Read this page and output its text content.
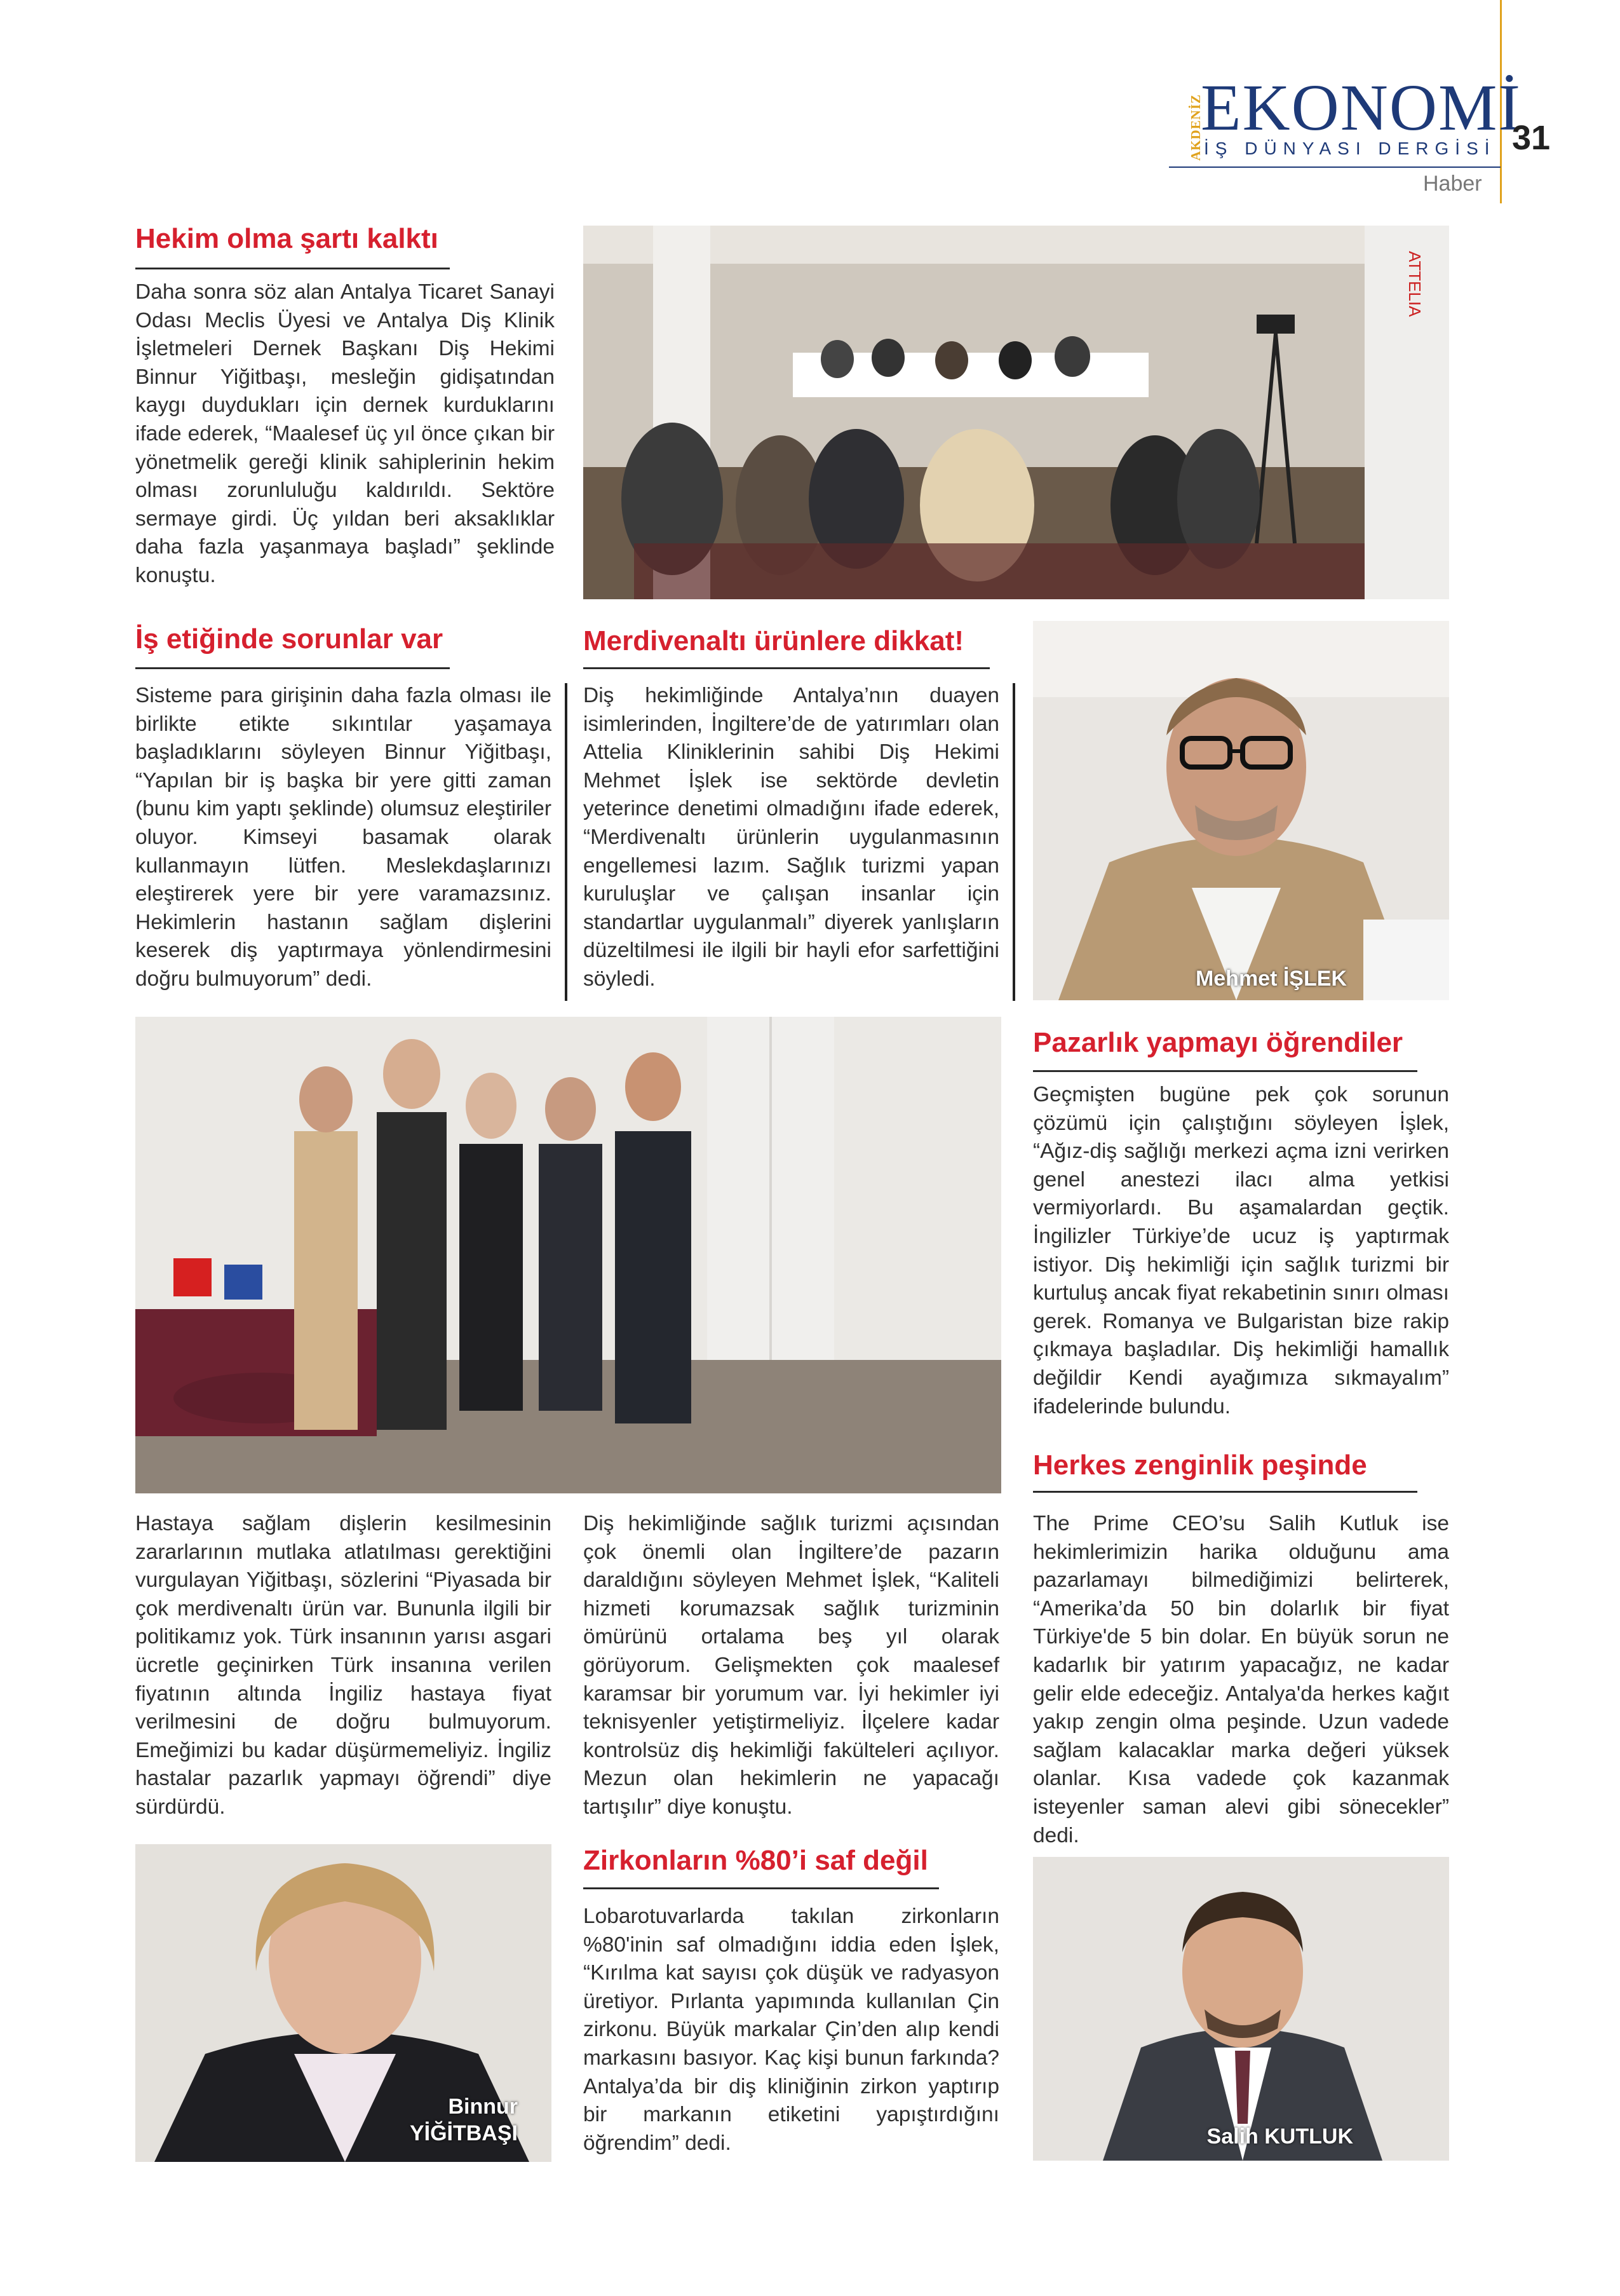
AKDENİZ
EKONOMİ
İŞ DÜNYASI DERGİSİ 31
Haber
Hekim olma şartı kalktı
Daha sonra söz alan Antalya Ticaret Sanayi Odası Meclis Üyesi ve Antalya Diş Klinik İşletmeleri Dernek Başkanı Diş Hekimi Binnur Yiğitbaşı, mesleğin gidişatından kaygı duydukları için dernek kurduklarını ifade ederek, “Maalesef üç yıl önce çıkan bir yönetmelik gereği klinik sahiplerinin hekim olması zorunluluğu kaldırıldı. Sektöre sermaye girdi. Üç yıldan beri aksaklıklar daha fazla yaşanmaya başladı” şeklinde konuştu.
İş etiğinde sorunlar var
Sisteme para girişinin daha fazla olması ile birlikte etikte sıkıntılar yaşamaya başladıklarını söyleyen Binnur Yiğitbaşı, “Yapılan bir iş başka bir yere gitti zaman (bunu kim yaptı şeklinde) olumsuz eleştiriler oluyor. Kimseyi basamak olarak kullanmayın lütfen. Meslekdaşlarınızı eleştirerek yere bir yere varamazsınız. Hekimlerin hastanın sağlam dişlerini keserek diş yaptırmaya yönlendirmesini doğru bulmuyorum” dedi.
ATTELIA
Merdivenaltı ürünlere dikkat!
Diş hekimliğinde Antalya’nın duayen isimlerinden, İngiltere’de de yatırımları olan Attelia Kliniklerinin sahibi Diş Hekimi Mehmet İşlek ise sektörde devletin yeterince denetimi olmadığını ifade ederek, “Merdivenaltı ürünlerin uygulanmasının engellemesi lazım. Sağlık turizmi yapan kuruluşlar ve çalışan insanlar için standartlar uygulanmalı” diyerek yanlışların düzeltilmesi ile ilgili bir hayli efor sarfettiğini söyledi.	Mehmet İŞLEK
Pazarlık yapmayı öğrendiler
Geçmişten bugüne pek çok sorunun çözümü için çalıştığını söyleyen İşlek, “Ağız-diş sağlığı merkezi açma izni verirken genel anestezi ilacı alma yetkisi vermiyorlardı. Bu aşamalardan geçtik. İngilizler Türkiye’de ucuz iş yaptırmak istiyor. Diş hekimliği için sağlık turizmi bir kurtuluş ancak fiyat rekabetinin sınırı olması gerek. Romanya ve Bulgaristan bize rakip çıkmaya başladılar. Diş hekimliği hamallık değildir Kendi ayağımıza sıkmayalım” ifadelerinde bulundu.
Herkes zenginlik peşinde
Hastaya sağlam dişlerin kesilmesinin zararlarının mutlaka atlatılması gerektiğini vurgulayan Yiğitbaşı, sözlerini “Piyasada bir çok merdivenaltı ürün var. Bununla ilgili bir politikamız yok. Türk insanının yarısı asgari ücretle geçinirken Türk insanına verilen fiyatının altında İngiliz hastaya fiyat verilmesini de doğru bulmuyorum. Emeğimizi bu kadar düşürmemeliyiz. İngiliz hastalar pazarlık yapmayı öğrendi” diye sürdürdü.
Binnur
YİĞİTBAŞI
Diş hekimliğinde sağlık turizmi açısından çok önemli olan İngiltere’de pazarın daraldığını söyleyen Mehmet İşlek, “Kaliteli hizmeti korumazsak sağlık turizminin ömürünü ortalama beş yıl olarak görüyorum. Gelişmekten çok maalesef karamsar bir yorumum var. İyi hekimler iyi teknisyenler yetiştirmeliyiz. İlçelere kadar kontrolsüz diş hekimliği fakülteleri açılıyor. Mezun olan hekimlerin ne yapacağı tartışılır” diye konuştu.
Zirkonların %80’i saf değil
Lobarotuvarlarda takılan zirkonların %80'inin saf olmadığını iddia eden İşlek, “Kırılma kat sayısı çok düşük ve radyasyon üretiyor. Pırlanta yapımında kullanılan Çin zirkonu. Büyük markalar Çin’den alıp kendi markasını basıyor. Kaç kişi bunun farkında? Antalya’da bir diş kliniğinin zirkon yaptırıp bir markanın etiketini yapıştırdığını öğrendim” dedi.
The Prime CEO’su Salih Kutluk ise hekimlerimizin harika olduğunu ama pazarlamayı bilmediğimizi belirterek, “Amerika’da 50 bin dolarlık bir fiyat Türkiye'de 5 bin dolar. En büyük sorun ne kadarlık bir yatırım yapacağız, ne kadar gelir elde edeceğiz. Antalya'da herkes kağıt yakıp zengin olma peşinde. Uzun vadede sağlam kalacaklar marka değeri yüksek olanlar. Kısa vadede çok kazanmak isteyenler saman alevi gibi sönecekler” dedi.
Salih KUTLUK
